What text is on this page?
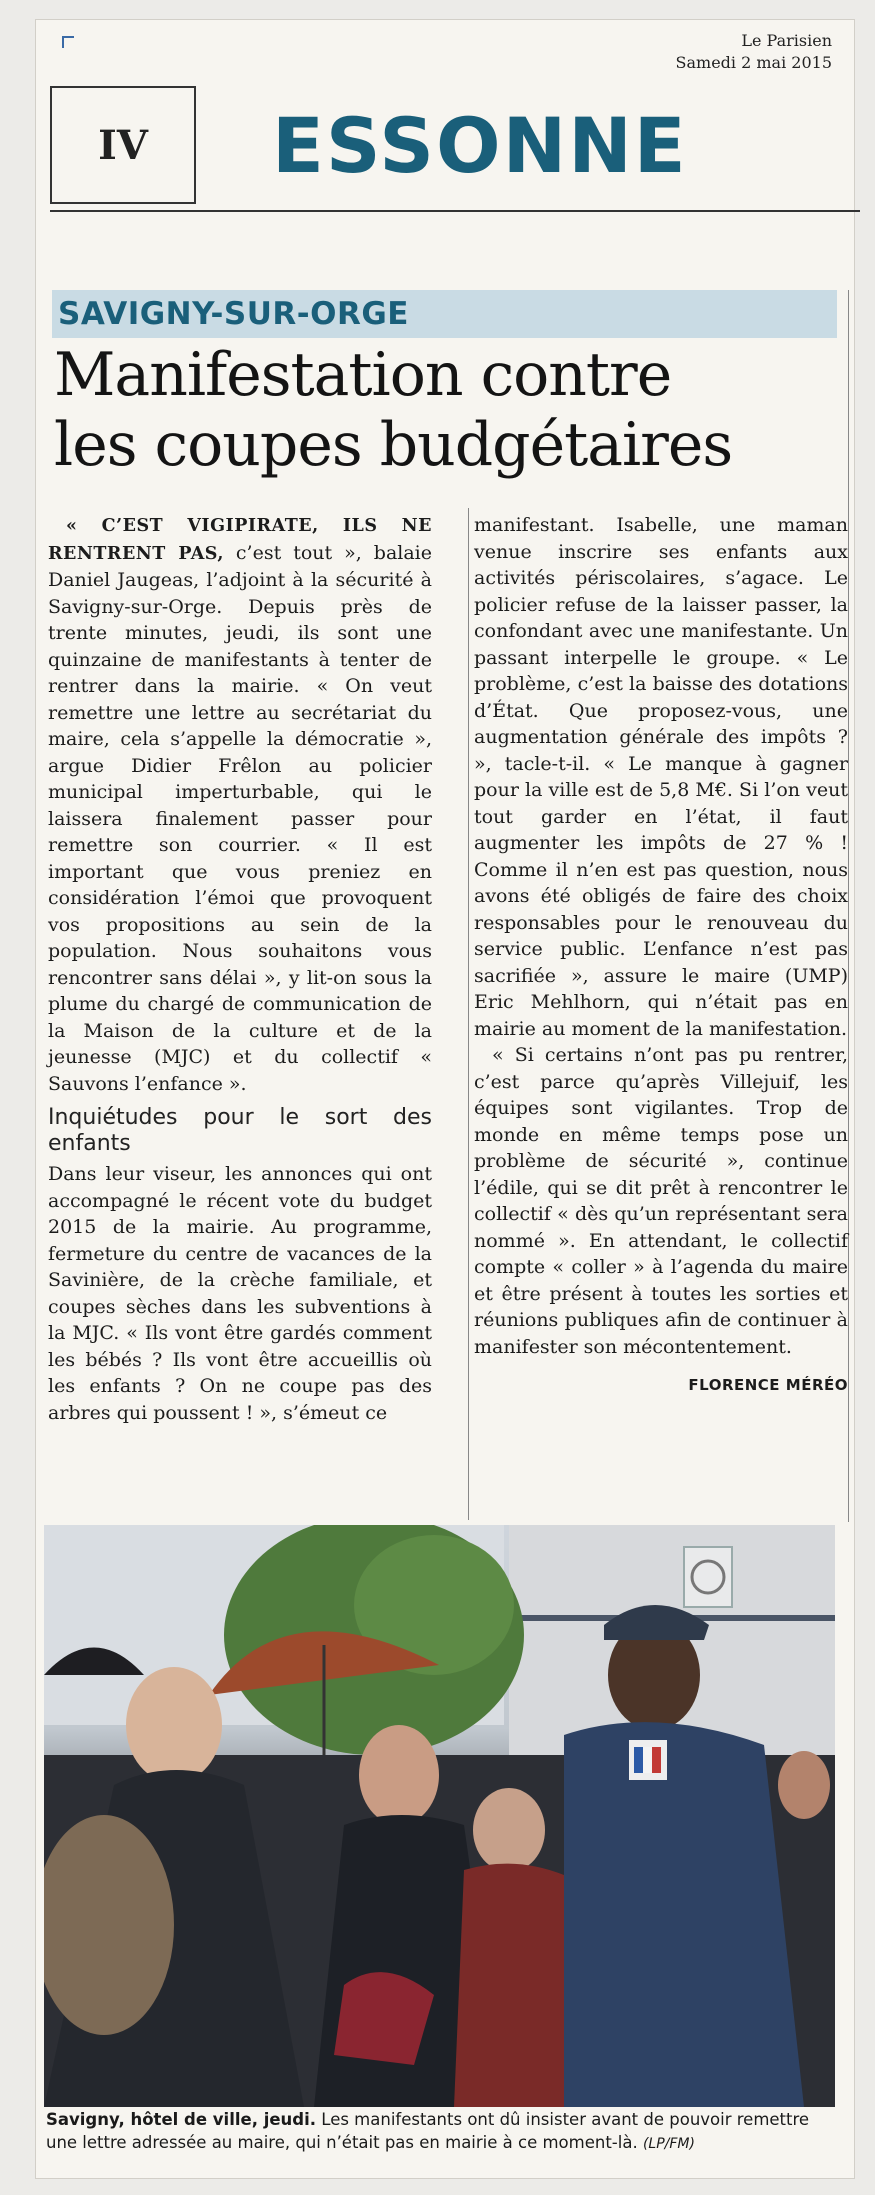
Le Parisien
Samedi 2 mai 2015
IV	ESSONNE
SAVIGNY-SUR-ORGE
Manifestation contre
les coupes budgétaires

« C’EST VIGIPIRATE, ILS NE RENTRENT PAS, c’est tout », balaie Daniel Jaugeas, l’adjoint à la sécurité à Savigny-sur-Orge. Depuis près de trente minutes, jeudi, ils sont une quinzaine de manifestants à tenter de rentrer dans la mairie. « On veut remettre une lettre au secrétariat du maire, cela s’appelle la démocratie », argue Didier Frêlon au policier municipal imperturbable, qui le laissera finalement passer pour remettre son courrier. « Il est important que vous preniez en considération l’émoi que provoquent vos propositions au sein de la population. Nous souhaitons vous rencontrer sans délai », y lit-on sous la plume du chargé de communication de la Maison de la culture et de la jeunesse (MJC) et du collectif « Sauvons l’enfance ».

Inquiétudes pour le sort des enfants

Dans leur viseur, les annonces qui ont accompagné le récent vote du budget 2015 de la mairie. Au programme, fermeture du centre de vacances de la Savinière, de la crèche familiale, et coupes sèches dans les subventions à la MJC. « Ils vont être gardés comment les bébés ? Ils vont être accueillis où les enfants ? On ne coupe pas des arbres qui poussent ! », s’émeut ce

manifestant. Isabelle, une maman venue inscrire ses enfants aux activités périscolaires, s’agace. Le policier refuse de la laisser passer, la confondant avec une manifestante. Un passant interpelle le groupe. « Le problème, c’est la baisse des dotations d’État. Que proposez-vous, une augmentation générale des impôts ? », tacle-t-il. « Le manque à gagner pour la ville est de 5,8 M€. Si l’on veut tout garder en l’état, il faut augmenter les impôts de 27 % ! Comme il n’en est pas question, nous avons été obligés de faire des choix responsables pour le renouveau du service public. L’enfance n’est pas sacrifiée », assure le maire (UMP) Eric Mehlhorn, qui n’était pas en mairie au moment de la manifestation.

« Si certains n’ont pas pu rentrer, c’est parce qu’après Villejuif, les équipes sont vigilantes. Trop de monde en même temps pose un problème de sécurité », continue l’édile, qui se dit prêt à rencontrer le collectif « dès qu’un représentant sera nommé ». En attendant, le collectif compte « coller » à l’agenda du maire et être présent à toutes les sorties et réunions publiques afin de continuer à manifester son mécontentement.

FLORENCE MÉRÉO
Savigny, hôtel de ville, jeudi. Les manifestants ont dû insister avant de pouvoir remettre une lettre adressée au maire, qui n’était pas en mairie à ce moment-là. (LP/FM)
